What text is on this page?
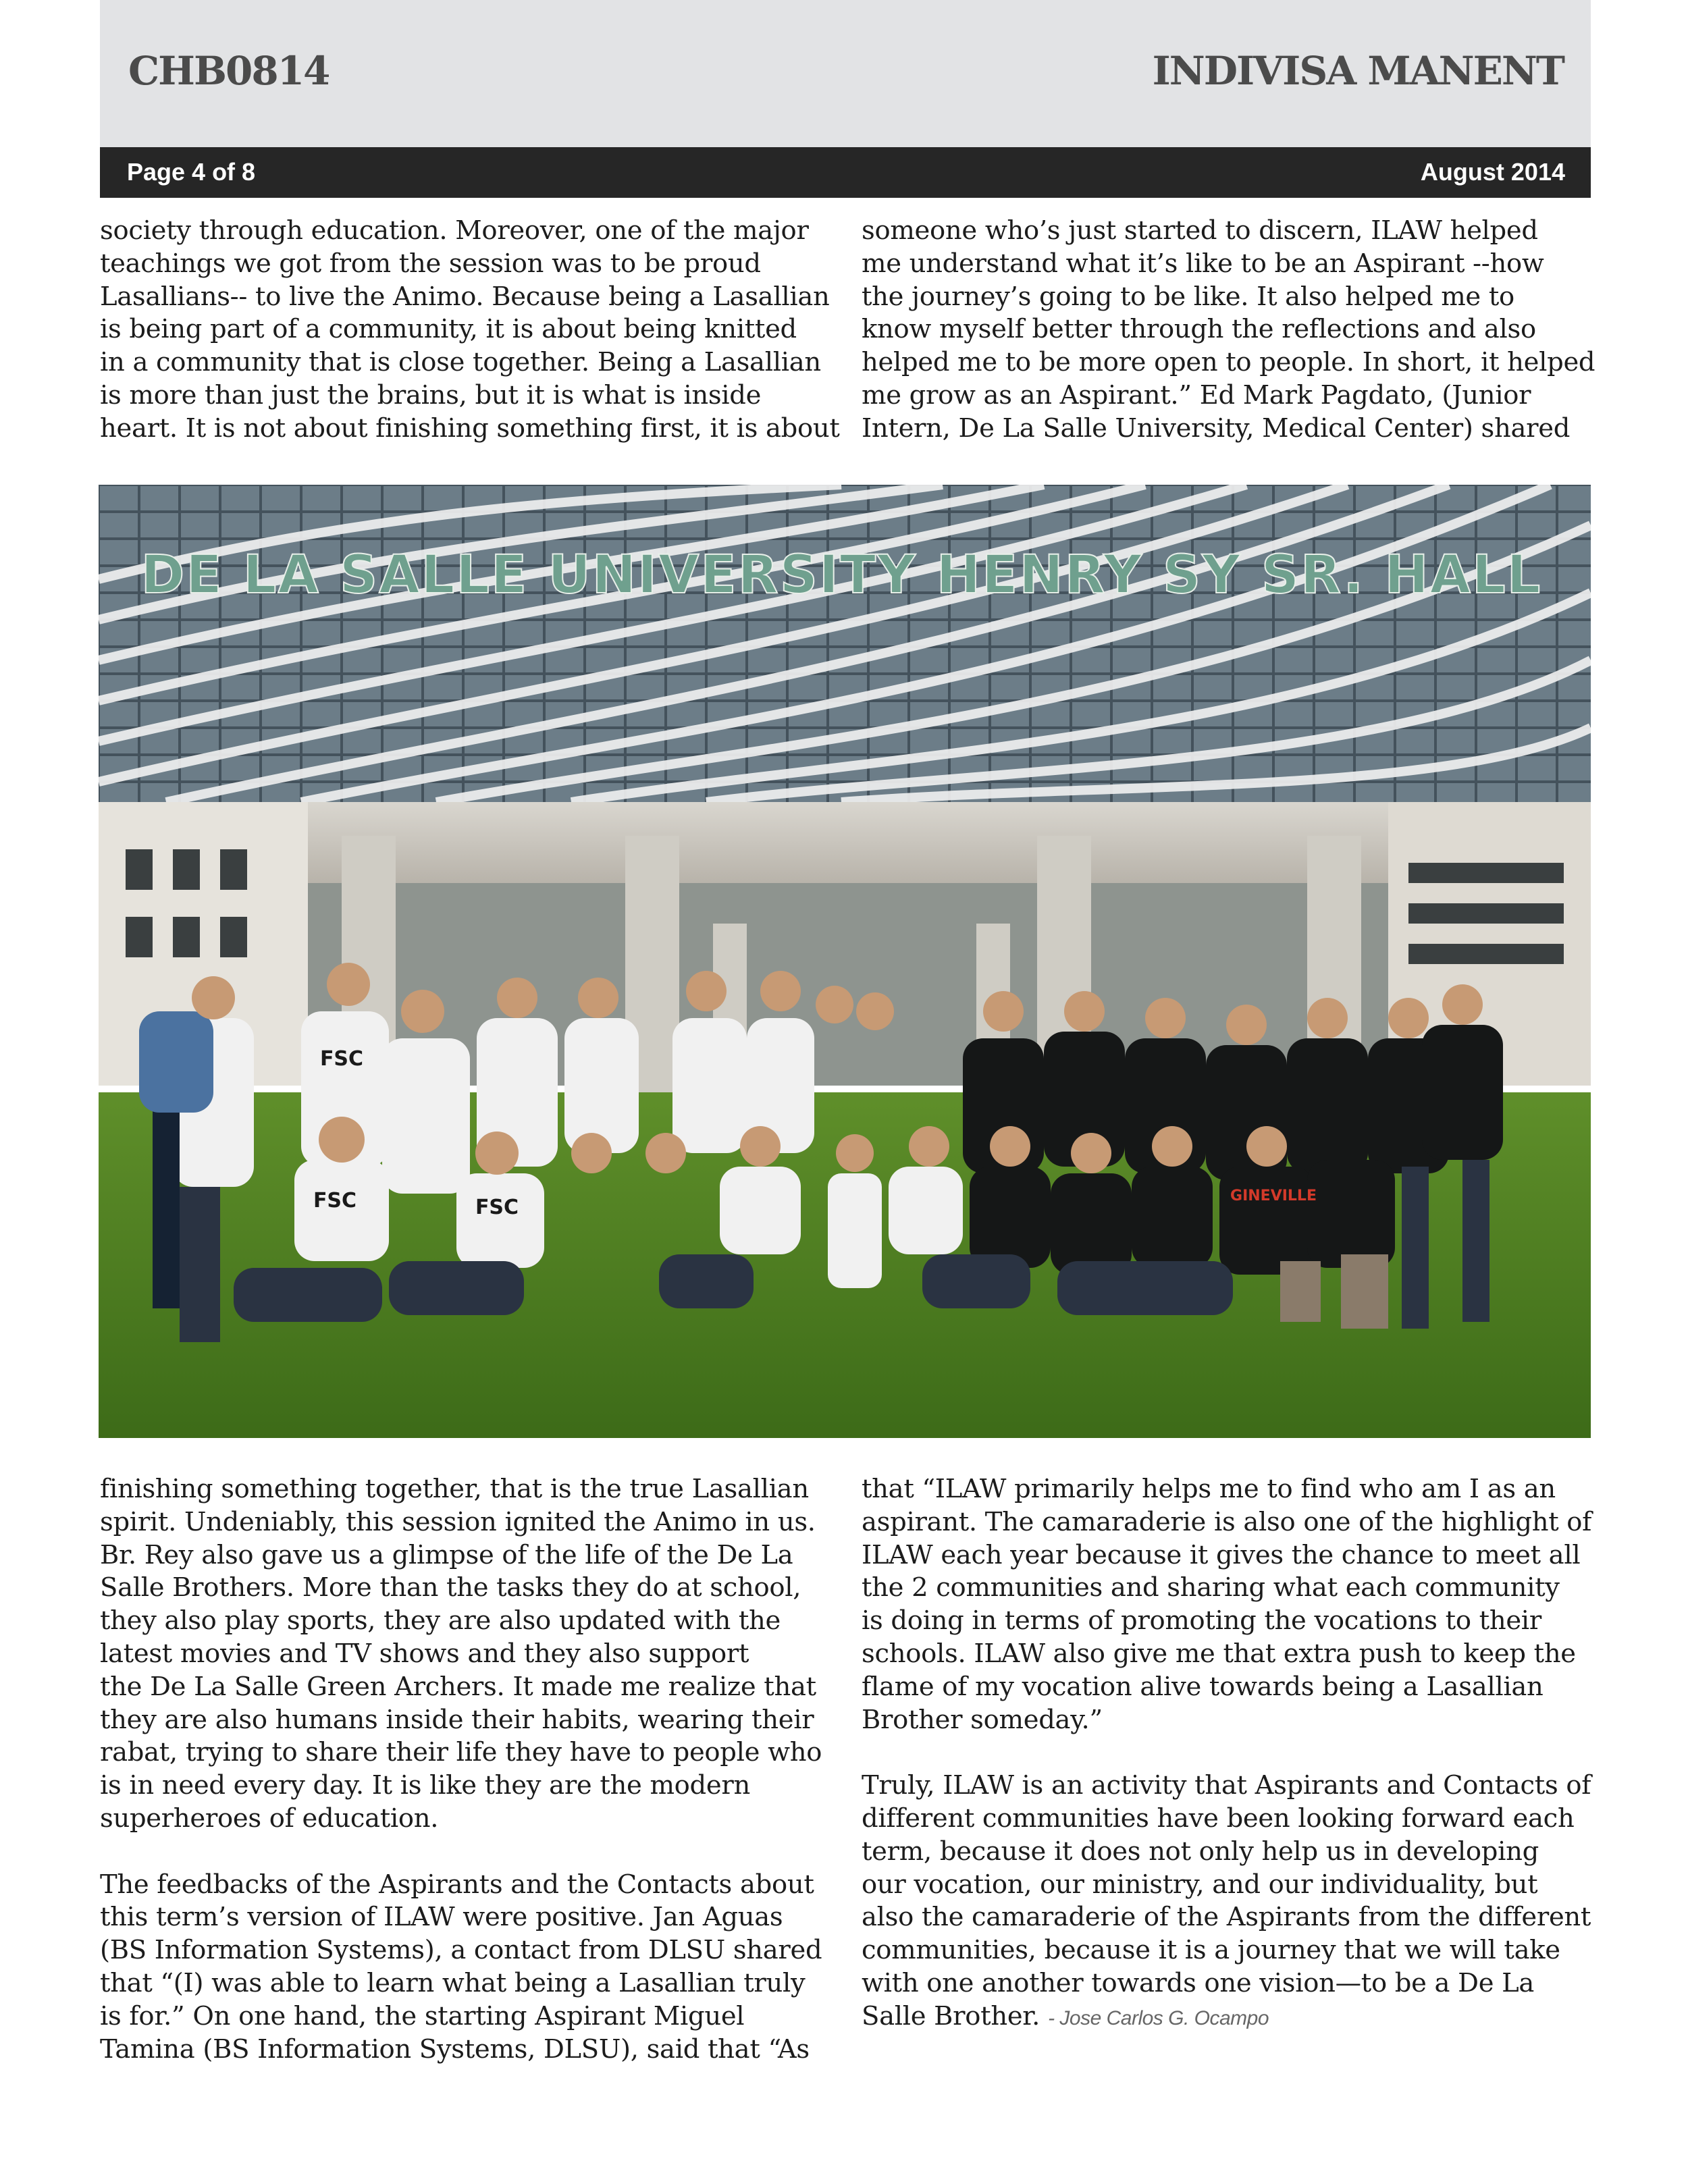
CHB0814	INDIVISA MANENT
Page 4 of 8	August 2014
society through education. Moreover, one of the major
teachings we got from the session was to be proud
Lasallians-- to live the Animo. Because being a Lasallian
is being part of a community, it is about being knitted
in a community that is close together. Being a Lasallian
is more than just the brains, but it is what is inside
heart. It is not about finishing something first, it is about
someone who’s just started to discern, ILAW helped
me understand what it’s like to be an Aspirant --how
the journey’s going to be like. It also helped me to
know myself better through the reflections and also
helped me to be more open to people. In short, it helped
me grow as an Aspirant.” Ed Mark Pagdato, (Junior
Intern, De La Salle University, Medical Center) shared
DE LA SALLE UNIVERSITY HENRY SY SR. HALL
FSC	FSC
FSC
GINEVILLE
finishing something together, that is the true Lasallian
spirit. Undeniably, this session ignited the Animo in us.
Br. Rey also gave us a glimpse of the life of the De La
Salle Brothers. More than the tasks they do at school,
they also play sports, they are also updated with the
latest movies and TV shows and they also support
the De La Salle Green Archers. It made me realize that
they are also humans inside their habits, wearing their
rabat, trying to share their life they have to people who
is in need every day. It is like they are the modern
superheroes of education.
The feedbacks of the Aspirants and the Contacts about
this term’s version of ILAW were positive. Jan Aguas
(BS Information Systems), a contact from DLSU shared
that “(I) was able to learn what being a Lasallian truly
is for.” On one hand, the starting Aspirant Miguel
Tamina (BS Information Systems, DLSU), said that “As
that “ILAW primarily helps me to find who am I as an
aspirant. The camaraderie is also one of the highlight of
ILAW each year because it gives the chance to meet all
the 2 communities and sharing what each community
is doing in terms of promoting the vocations to their
schools. ILAW also give me that extra push to keep the
flame of my vocation alive towards being a Lasallian
Brother someday.”
Truly, ILAW is an activity that Aspirants and Contacts of
different communities have been looking forward each
term, because it does not only help us in developing
our vocation, our ministry, and our individuality, but
also the camaraderie of the Aspirants from the different
communities, because it is a journey that we will take
with one another towards one vision—to be a De La
Salle Brother. - Jose Carlos G. Ocampo
